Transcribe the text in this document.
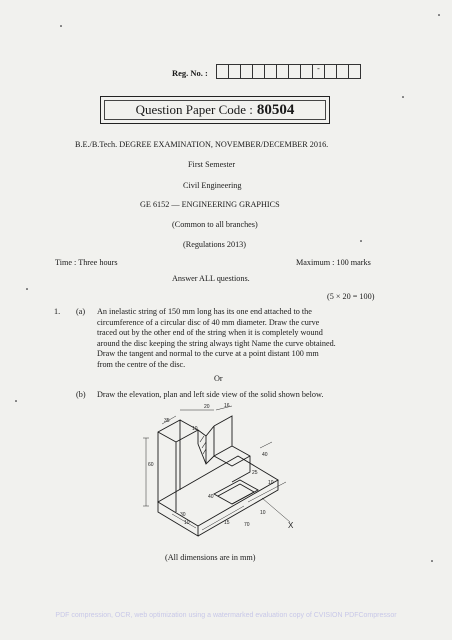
Reg. No. :	-
Question Paper Code : 80504
B.E./B.Tech. DEGREE EXAMINATION, NOVEMBER/DECEMBER 2016.
First Semester
Civil Engineering
GE 6152 — ENGINEERING GRAPHICS
(Common to all branches)
(Regulations 2013)
Time : Three hours	Maximum : 100 marks
Answer ALL questions.
(5 × 20 = 100)
1. (a) An inelastic string of 150 mm long has its one end attached to the
circumference of a circular disc of 40 mm diameter. Draw the curve
traced out by the other end of the string when it is completely wound
around the disc keeping the string always tight Name the curve obtained.
Draw the tangent and normal to the curve at a point distant 100 mm
from the centre of the disc.
Or
(b) Draw the elevation, plan and left side view of the solid shown below.
20	16
35
10
60
40
25
40
10
15	70
10
10
30
X
(All dimensions are in mm)
PDF compression, OCR, web optimization using a watermarked evaluation copy of CVISION PDFCompressor
